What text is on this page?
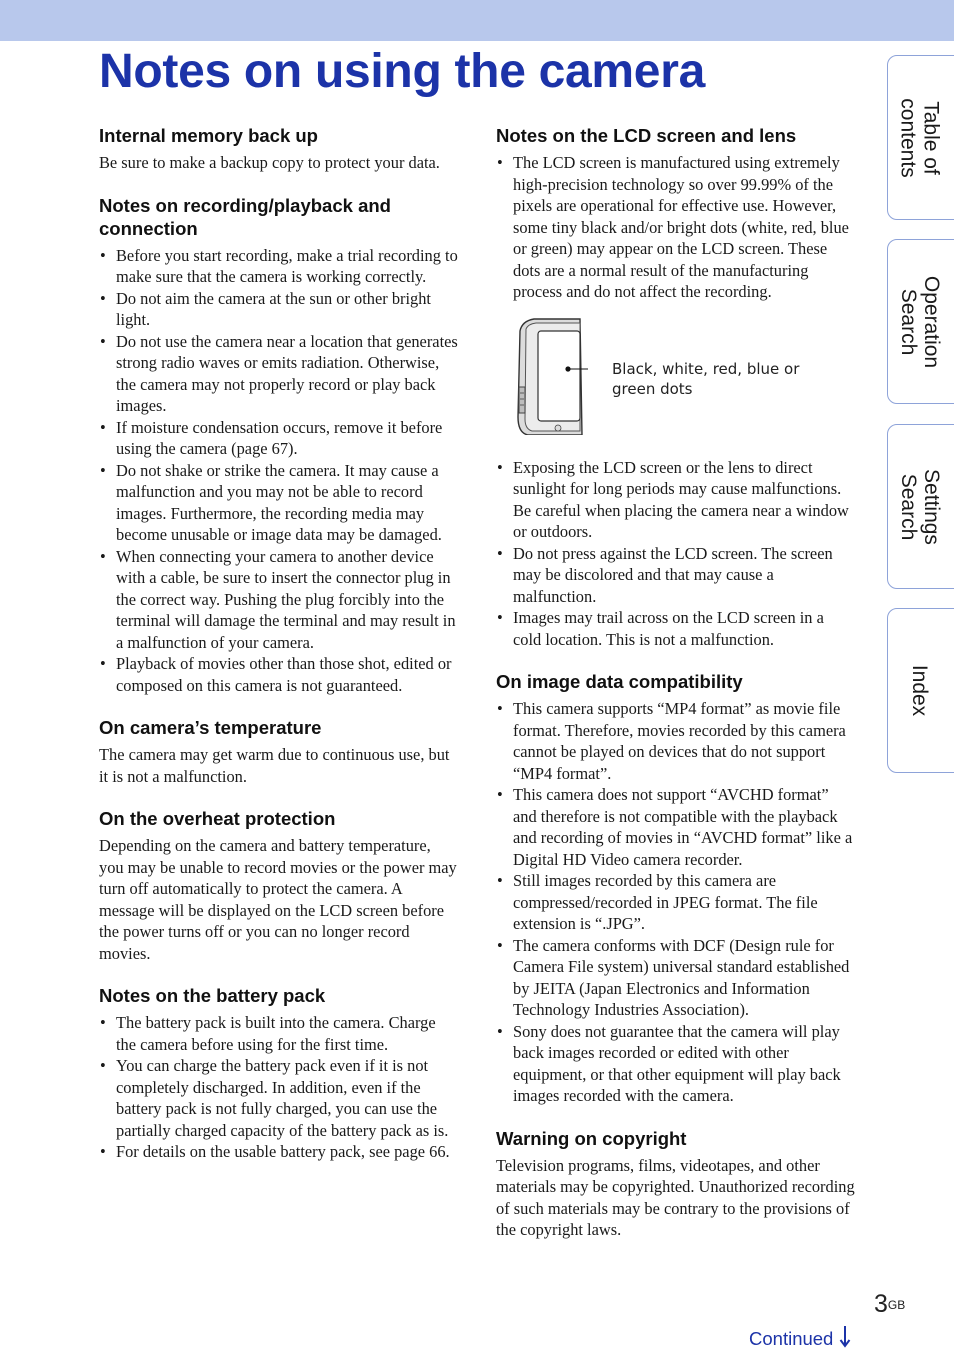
Notes on using the camera
Internal memory back up

Be sure to make a backup copy to protect your data.

Notes on recording/playback and connection
• Before you start recording, make a trial recording to make sure that the camera is working correctly.
• Do not aim the camera at the sun or other bright light.
• Do not use the camera near a location that generates strong radio waves or emits radiation. Otherwise, the camera may not properly record or play back images.
• If moisture condensation occurs, remove it before using the camera (page 67).
• Do not shake or strike the camera. It may cause a malfunction and you may not be able to record images. Furthermore, the recording media may become unusable or image data may be damaged.
• When connecting your camera to another device with a cable, be sure to insert the connector plug in the correct way. Pushing the plug forcibly into the terminal will damage the terminal and may result in a malfunction of your camera.
• Playback of movies other than those shot, edited or composed on this camera is not guaranteed.
On camera’s temperature

The camera may get warm due to continuous use, but it is not a malfunction.

On the overheat protection

Depending on the camera and battery temperature, you may be unable to record movies or the power may turn off automatically to protect the camera. A message will be displayed on the LCD screen before the power turns off or you can no longer record movies.

Notes on the battery pack
• The battery pack is built into the camera. Charge the camera before using for the first time.
• You can charge the battery pack even if it is not completely discharged. In addition, even if the battery pack is not fully charged, you can use the partially charged capacity of the battery pack as is.
• For details on the usable battery pack, see page 66.
Notes on the LCD screen and lens
• The LCD screen is manufactured using extremely high-precision technology so over 99.99% of the pixels are operational for effective use. However, some tiny black and/or bright dots (white, red, blue or green) may appear on the LCD screen. These dots are a normal result of the manufacturing process and do not affect the recording.
Black, white, red, blue or green dots
• Exposing the LCD screen or the lens to direct sunlight for long periods may cause malfunctions. Be careful when placing the camera near a window or outdoors.
• Do not press against the LCD screen. The screen may be discolored and that may cause a malfunction.
• Images may trail across on the LCD screen in a cold location. This is not a malfunction.
On image data compatibility
• This camera supports “MP4 format” as movie file format. Therefore, movies recorded by this camera cannot be played on devices that do not support “MP4 format”.
• This camera does not support “AVCHD format” and therefore is not compatible with the playback and recording of movies in “AVCHD format” like a Digital HD Video camera recorder.
• Still images recorded by this camera are compressed/recorded in JPEG format. The file extension is “.JPG”.
• The camera conforms with DCF (Design rule for Camera File system) universal standard established by JEITA (Japan Electronics and Information Technology Industries Association).
• Sony does not guarantee that the camera will play back images recorded or edited with other equipment, or that other equipment will play back images recorded with the camera.
Warning on copyright

Television programs, films, videotapes, and other materials may be copyrighted. Unauthorized recording of such materials may be contrary to the provisions of the copyright laws.

Table of
contents
Operation
Search
Settings
Search
Index
$3^{GB}$
Continued
